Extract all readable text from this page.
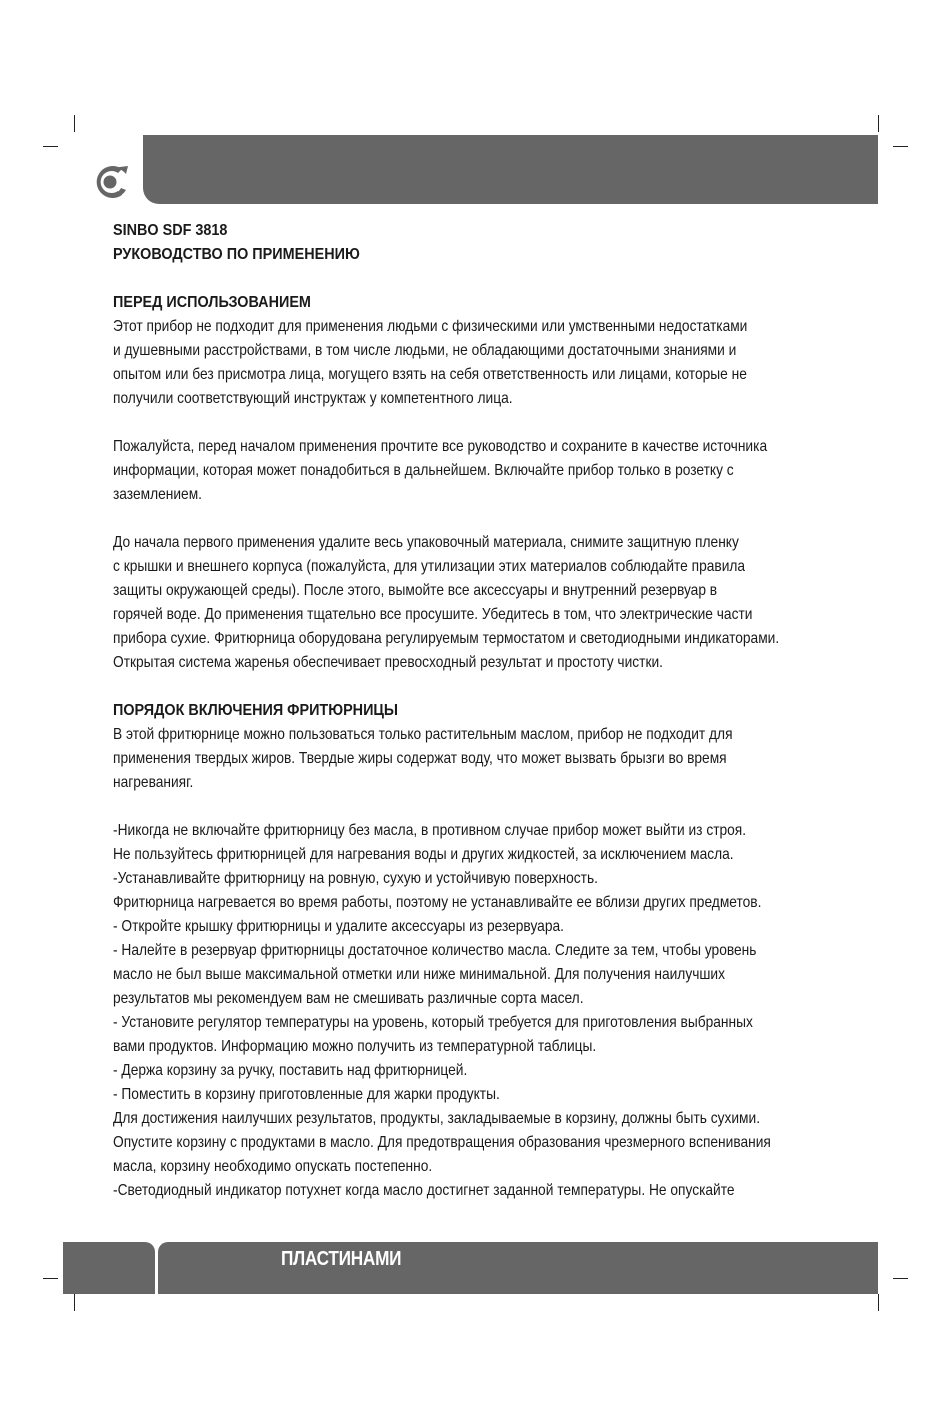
SINBO SDF 3818
РУКОВОДСТВО ПО ПРИМЕНЕНИЮ
ПЕРЕД ИСПОЛЬЗОВАНИЕМ
Этот прибор не подходит для применения людьми с физическими или умственными недостатками
и душевными расстройствами, в том числе людьми, не обладающими достаточными знаниями и
опытом или без присмотра лица, могущего взять на себя ответственность или лицами, которые не
получили соответствующий инструктаж у компетентного лица.
Пожалуйста, перед началом применения прочтите все руководство и сохраните в качестве источника
информации, которая может понадобиться в дальнейшем. Включайте прибор только в розетку с
заземлением.
До начала первого применения удалите весь упаковочный материала, снимите защитную пленку
с крышки и внешнего корпуса (пожалуйста, для утилизации этих материалов соблюдайте правила
защиты окружающей среды). После этого, вымойте все аксессуары и внутренний резервуар в
горячей воде. До применения тщательно все просушите. Убедитесь в том, что электрические части
прибора сухие. Фритюрница оборудована регулируемым термостатом и светодиодными индикаторами.
Открытая система жаренья обеспечивает превосходный результат и простоту чистки.
ПОРЯДОК ВКЛЮЧЕНИЯ ФРИТЮРНИЦЫ
В этой фритюрнице можно пользоваться только растительным маслом, прибор не подходит для
применения твердых жиров. Твердые жиры содержат воду, что может вызвать брызги во время
нагреванияг.
-Никогда не включайте фритюрницу без масла, в противном случае прибор может выйти из строя.
Не пользуйтесь фритюрницей для нагревания воды и других жидкостей, за исключением масла.
-Устанавливайте фритюрницу на ровную, сухую и устойчивую поверхность.
Фритюрница нагревается во время работы, поэтому не устанавливайте ее вблизи других предметов.
- Откройте крышку фритюрницы и удалите аксессуары из резервуара.
- Налейте в резервуар фритюрницы достаточное количество масла. Следите за тем, чтобы уровень
масло не был выше максимальной отметки или ниже минимальной. Для получения наилучших
результатов мы рекомендуем вам не смешивать различные сорта масел.
- Установите регулятор температуры на уровень, который требуется для приготовления выбранных
вами продуктов. Информацию можно получить из температурной таблицы.
- Держа корзину за ручку, поставить над фритюрницей.
- Поместить в корзину приготовленные для жарки продукты.
Для достижения наилучших результатов, продукты, закладываемые в корзину, должны быть сухими.
Опустите корзину с продуктами в масло. Для предотвращения образования чрезмерного вспенивания
масла, корзину необходимо опускать постепенно.
-Светодиодный индикатор потухнет когда масло достигнет заданной температуры. Не опускайте
ПЛАСТИНАМИ
